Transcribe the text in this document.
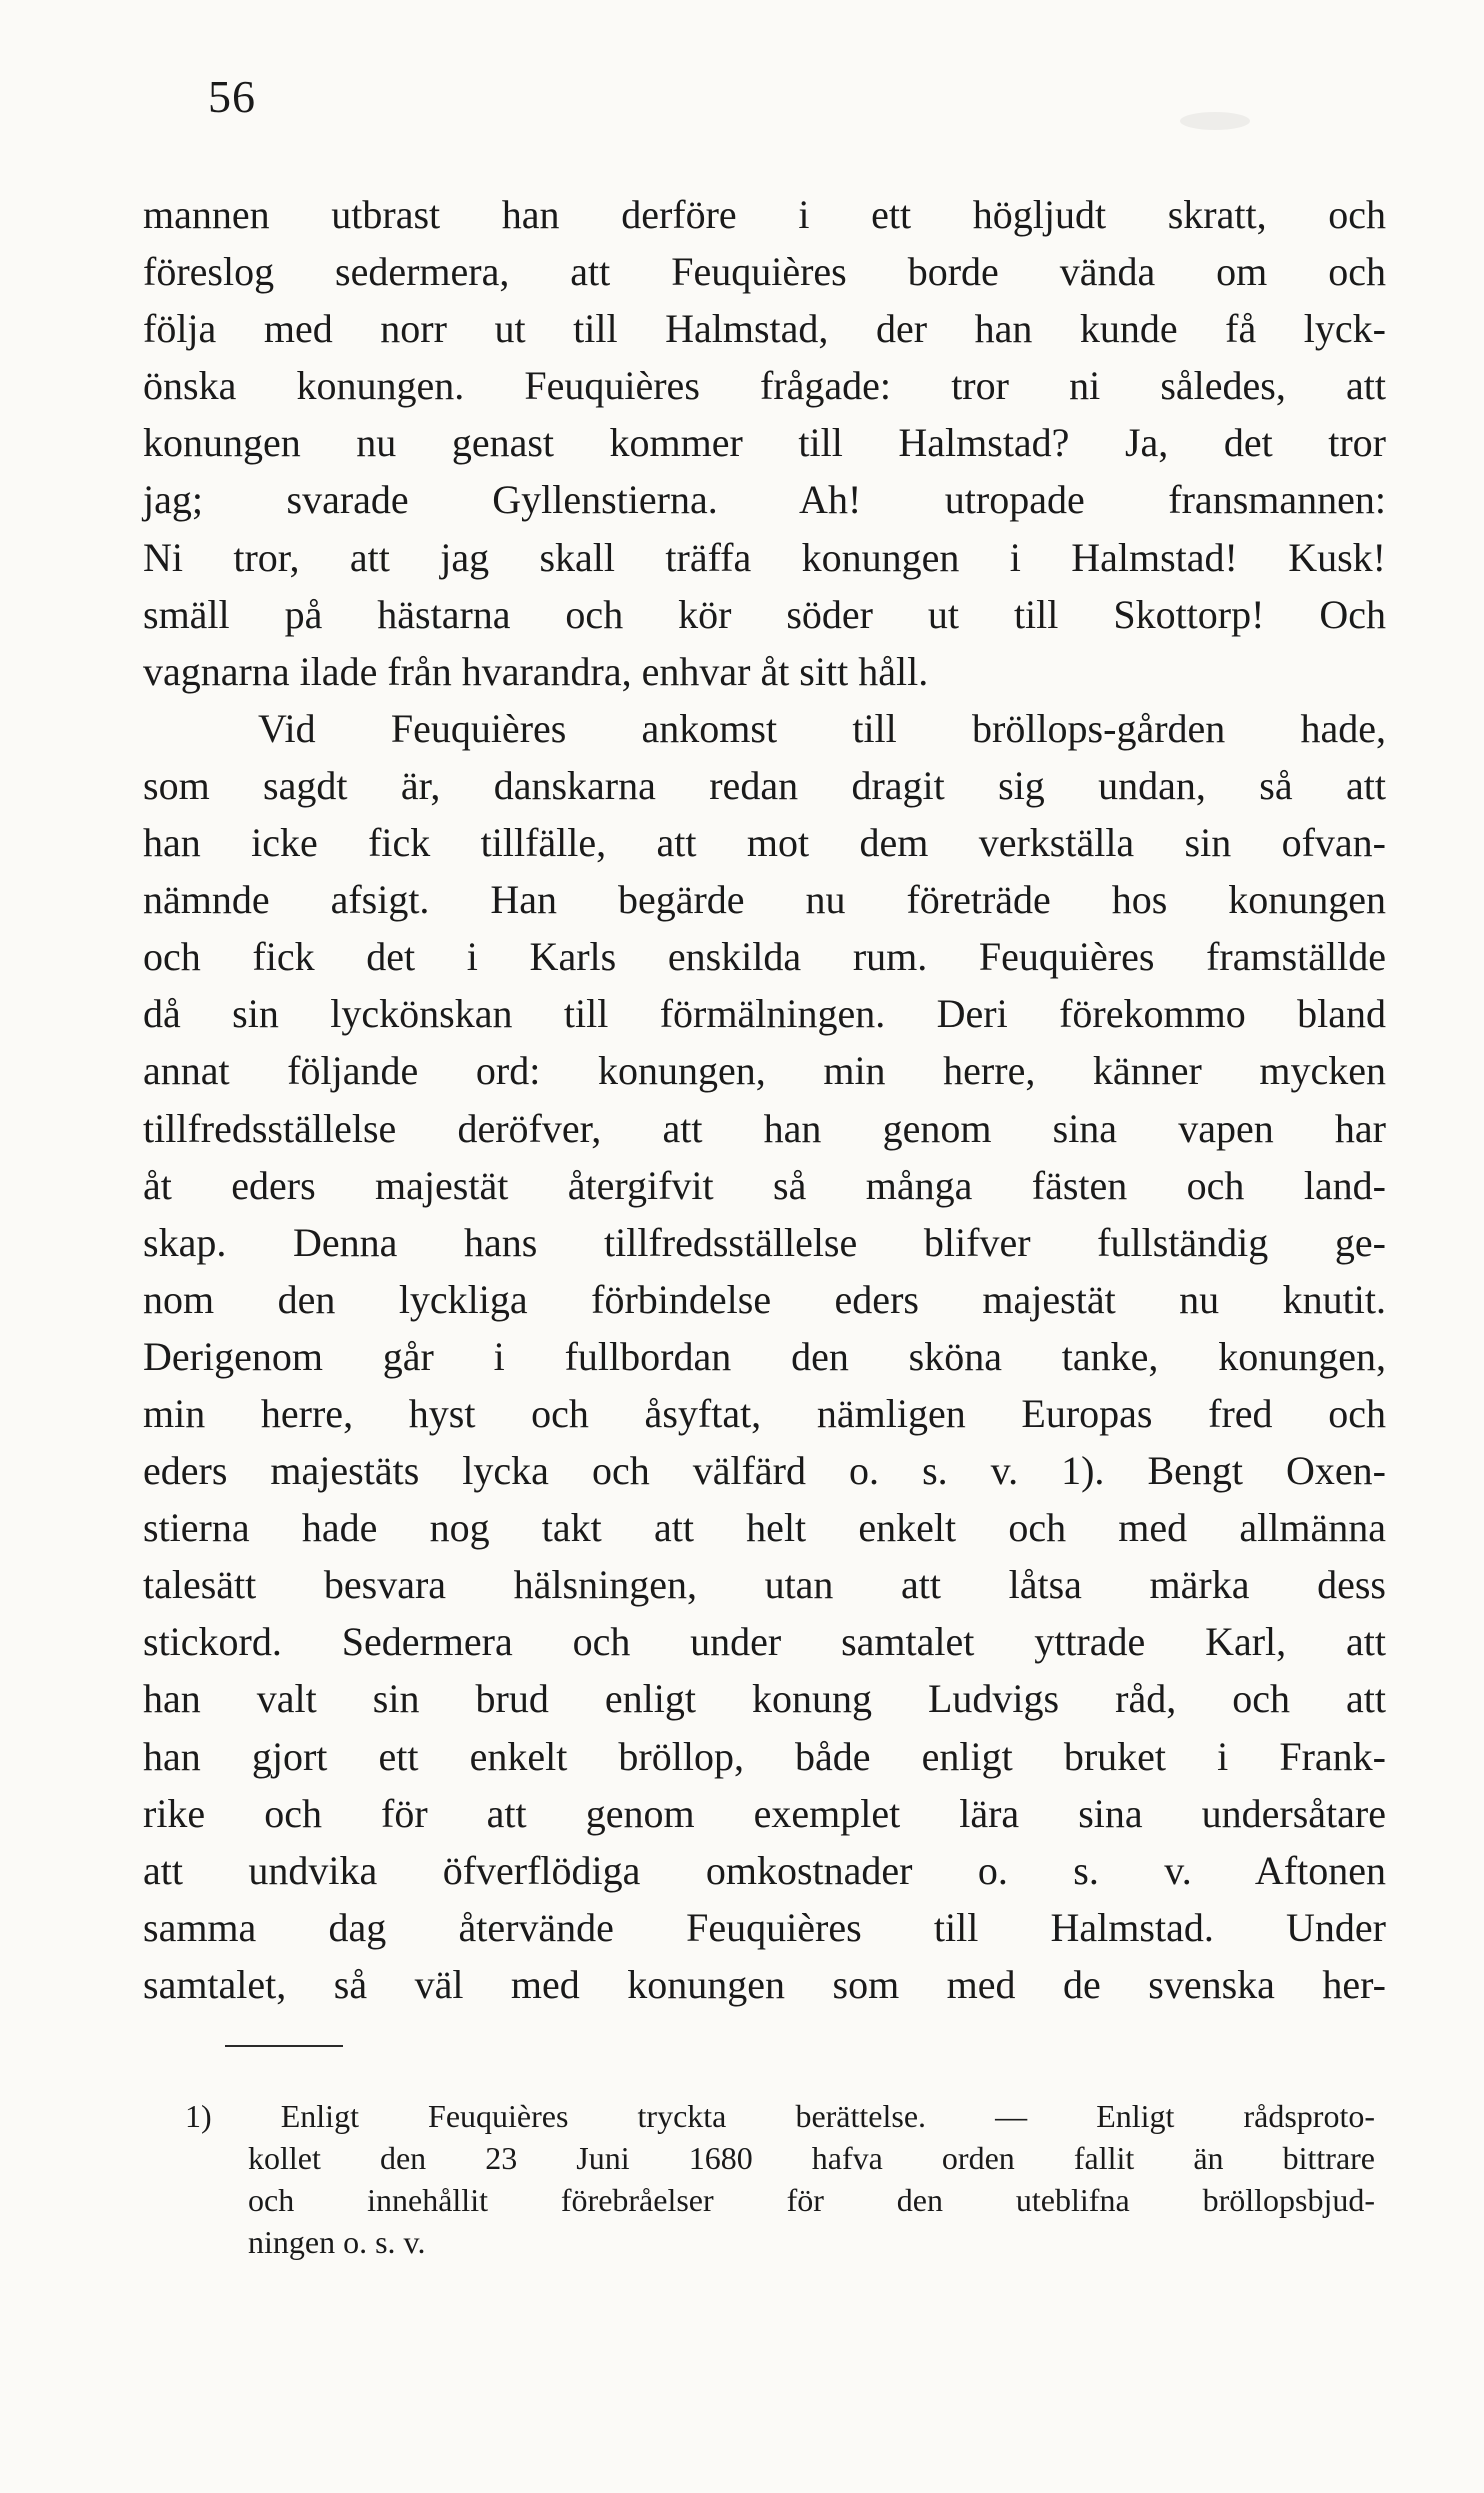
56
mannen utbrast han derföre i ett högljudt skratt, och
föreslog sedermera, att Feuquières borde vända om och
följa med norr ut till Halmstad, der han kunde få lyck-
önska konungen. Feuquières frågade: tror ni således, att
konungen nu genast kommer till Halmstad? Ja, det tror
jag; svarade Gyllenstierna. Ah! utropade fransmannen:
Ni tror, att jag skall träffa konungen i Halmstad! Kusk!
smäll på hästarna och kör söder ut till Skottorp! Och
vagnarna ilade från hvarandra, enhvar åt sitt håll.
Vid Feuquières ankomst till bröllops-gården hade,
som sagdt är, danskarna redan dragit sig undan, så att
han icke fick tillfälle, att mot dem verkställa sin ofvan-
nämnde afsigt. Han begärde nu företräde hos konungen
och fick det i Karls enskilda rum. Feuquières framställde
då sin lyckönskan till förmälningen. Deri förekommo bland
annat följande ord: konungen, min herre, känner mycken
tillfredsställelse deröfver, att han genom sina vapen har
åt eders majestät återgifvit så många fästen och land-
skap. Denna hans tillfredsställelse blifver fullständig ge-
nom den lyckliga förbindelse eders majestät nu knutit.
Derigenom går i fullbordan den sköna tanke, konungen,
min herre, hyst och åsyftat, nämligen Europas fred och
eders majestäts lycka och välfärd o. s. v. 1). Bengt Oxen-
stierna hade nog takt att helt enkelt och med allmänna
talesätt besvara hälsningen, utan att låtsa märka dess
stickord. Sedermera och under samtalet yttrade Karl, att
han valt sin brud enligt konung Ludvigs råd, och att
han gjort ett enkelt bröllop, både enligt bruket i Frank-
rike och för att genom exemplet lära sina undersåtare
att undvika öfverflödiga omkostnader o. s. v. Aftonen
samma dag återvände Feuquières till Halmstad. Under
samtalet, så väl med konungen som med de svenska her-
1) Enligt Feuquières tryckta berättelse. — Enligt rådsproto-
kollet den 23 Juni 1680 hafva orden fallit än bittrare
och innehållit förebråelser för den uteblifna bröllopsbjud-
ningen o. s. v.
